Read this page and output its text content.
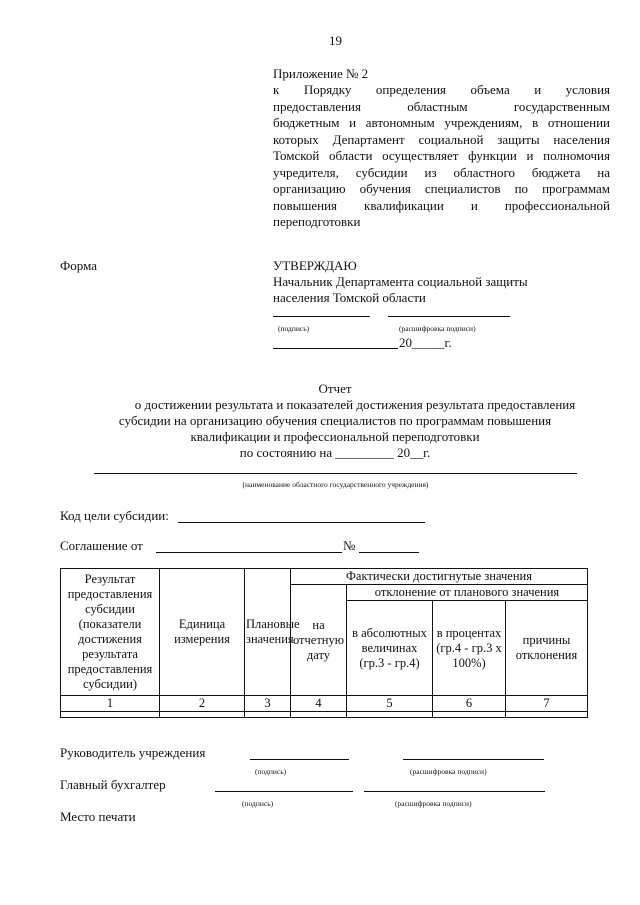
19
Приложение № 2
к Порядку определения объема и условия
предоставления областным государственным
бюджетным и автономным учреждениям, в отношении
которых Департамент социальной защиты населения
Томской области осуществляет функции и полномочия
учредителя, субсидии из областного бюджета на
организацию обучения специалистов по программам
повышения квалификации и профессиональной
переподготовки
Форма	УТВЕРЖДАЮ
Начальник Департамента социальной защиты
населения Томской области
(подпись)	(расшифровка подписи)
20_____г.
Отчет
о достижении результата и показателей достижения результата предоставления
субсидии на организацию обучения специалистов по программам повышения
квалификации и профессиональной переподготовки
по состоянию на _________ 20__г.
(наименование областного государственного учреждения)
Код цели субсидии:
Соглашение от	№
Результат предоставления субсидии (показатели достижения результата предоставления субсидии)	Единица измерения	Плановые значения	Фактически достигнутые значения			
			на отчетную дату	отклонение от планового значения		
				в абсолютных величинах (гр.3 - гр.4)	в процентах (гр.4 - гр.3 х 100%)	причины отклонения
1	2	3	4	5	6	7

Руководитель учреждения
(подпись)	(расшифровка подписи)
Главный бухгалтер
(подпись)	(расшифровка подписи)
Место печати
